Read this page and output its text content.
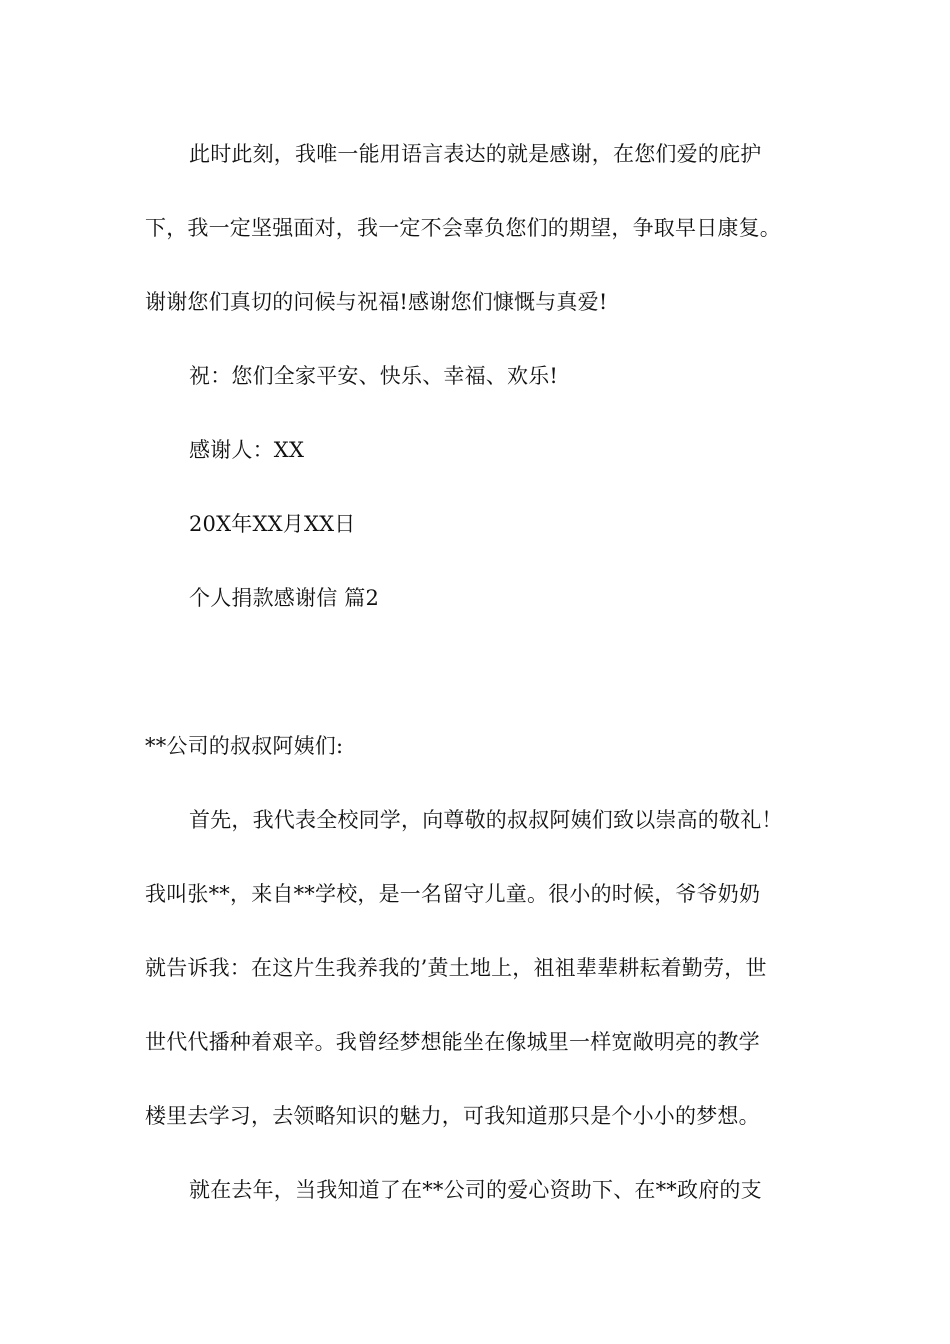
此时此刻，我唯一能用语言表达的就是感谢，在您们爱的庇护
下，我一定坚强面对，我一定不会辜负您们的期望，争取早日康复。
谢谢您们真切的问候与祝福!感谢您们慷慨与真爱!
祝：您们全家平安、快乐、幸福、欢乐!
感谢人：XX
20X年XX月XX日
个人捐款感谢信 篇2
**公司的叔叔阿姨们:
首先，我代表全校同学，向尊敬的叔叔阿姨们致以崇高的敬礼！
我叫张**，来自**学校，是一名留守儿童。很小的时候，爷爷奶奶
就告诉我：在这片生我养我的’黄土地上，祖祖辈辈耕耘着勤劳，世
世代代播种着艰辛。我曾经梦想能坐在像城里一样宽敞明亮的教学
楼里去学习，去领略知识的魅力，可我知道那只是个小小的梦想。
就在去年，当我知道了在**公司的爱心资助下、在**政府的支
